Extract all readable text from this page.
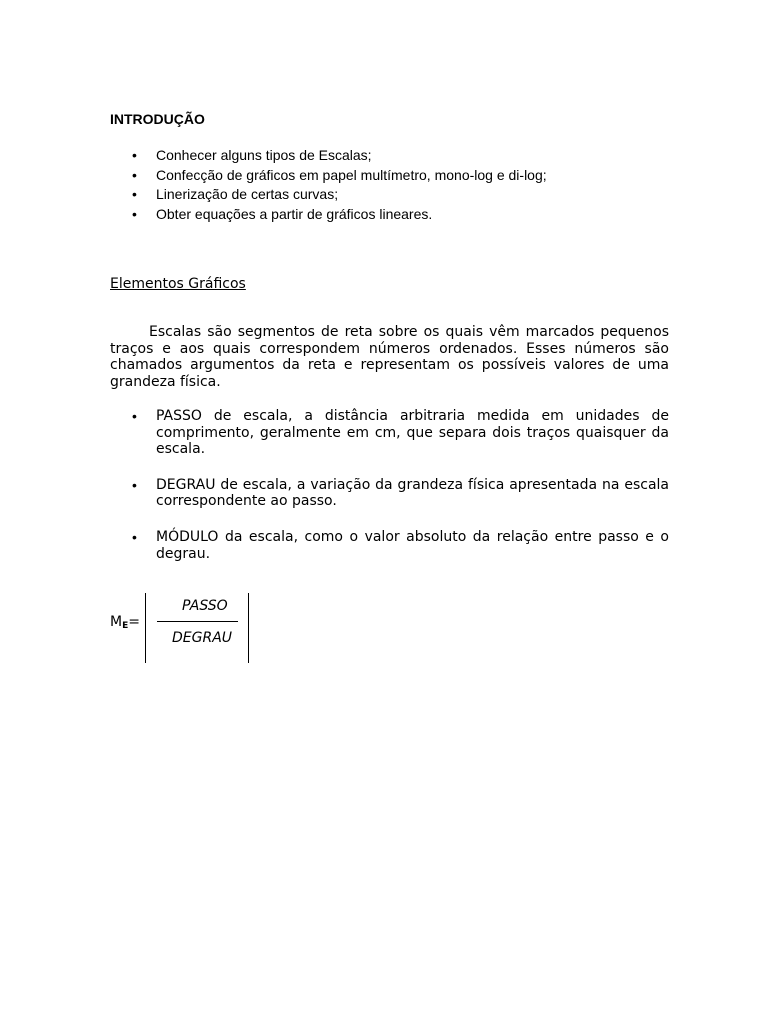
INTRODUÇÃO
• Conhecer alguns tipos de Escalas;
• Confecção de gráficos em papel multímetro, mono-log e di-log;
• Linerização de certas curvas;
• Obter equações a partir de gráficos lineares.
Elementos Gráficos

Escalas são segmentos de reta sobre os quais vêm marcados pequenos traços e aos quais correspondem números ordenados. Esses números são chamados argumentos da reta e representam os possíveis valores de uma grandeza física.

• PASSO de escala, a distância arbitraria medida em unidades de comprimento, geralmente em cm, que separa dois traços quaisquer da escala.
• DEGRAU de escala, a variação da grandeza física apresentada na escala correspondente ao passo.
• MÓDULO da escala, como o valor absoluto da relação entre passo e o degrau.
$M_E=$
PASSO
DEGRAU
